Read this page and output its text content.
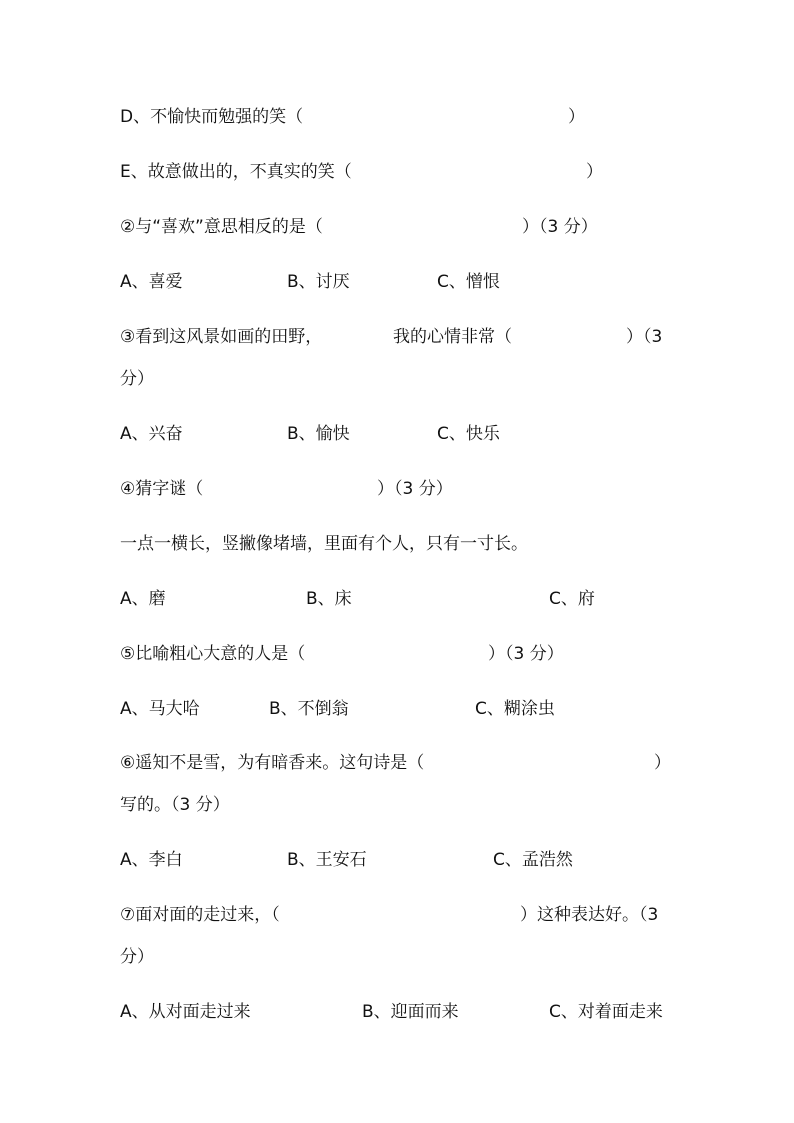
D、不愉快而勉强的笑（

	）

E、故意做出的，不真实的笑（

	）

②与“喜欢”意思相反的是（

	）（3 分）

A、喜爱

	B、讨厌

	C、憎恨

③看到这风景如画的田野，

	我的心情非常（

	）（3

分）

A、兴奋

	B、愉快

	C、快乐

④猜字谜（

	）（3 分）

一点一横长，竖撇像堵墙，里面有个人，只有一寸长。

A、磨

	B、床

	C、府

⑤比喻粗心大意的人是（

	）（3 分）

A、马大哈

	B、不倒翁

	C、糊涂虫

⑥遥知不是雪，为有暗香来。这句诗是（

	）

写的。（3 分）

A、李白

	B、王安石

	C、孟浩然

⑦面对面的走过来，（

	）这种表达好。（3

分）

A、从对面走过来

	B、迎面而来

	C、对着面走来
